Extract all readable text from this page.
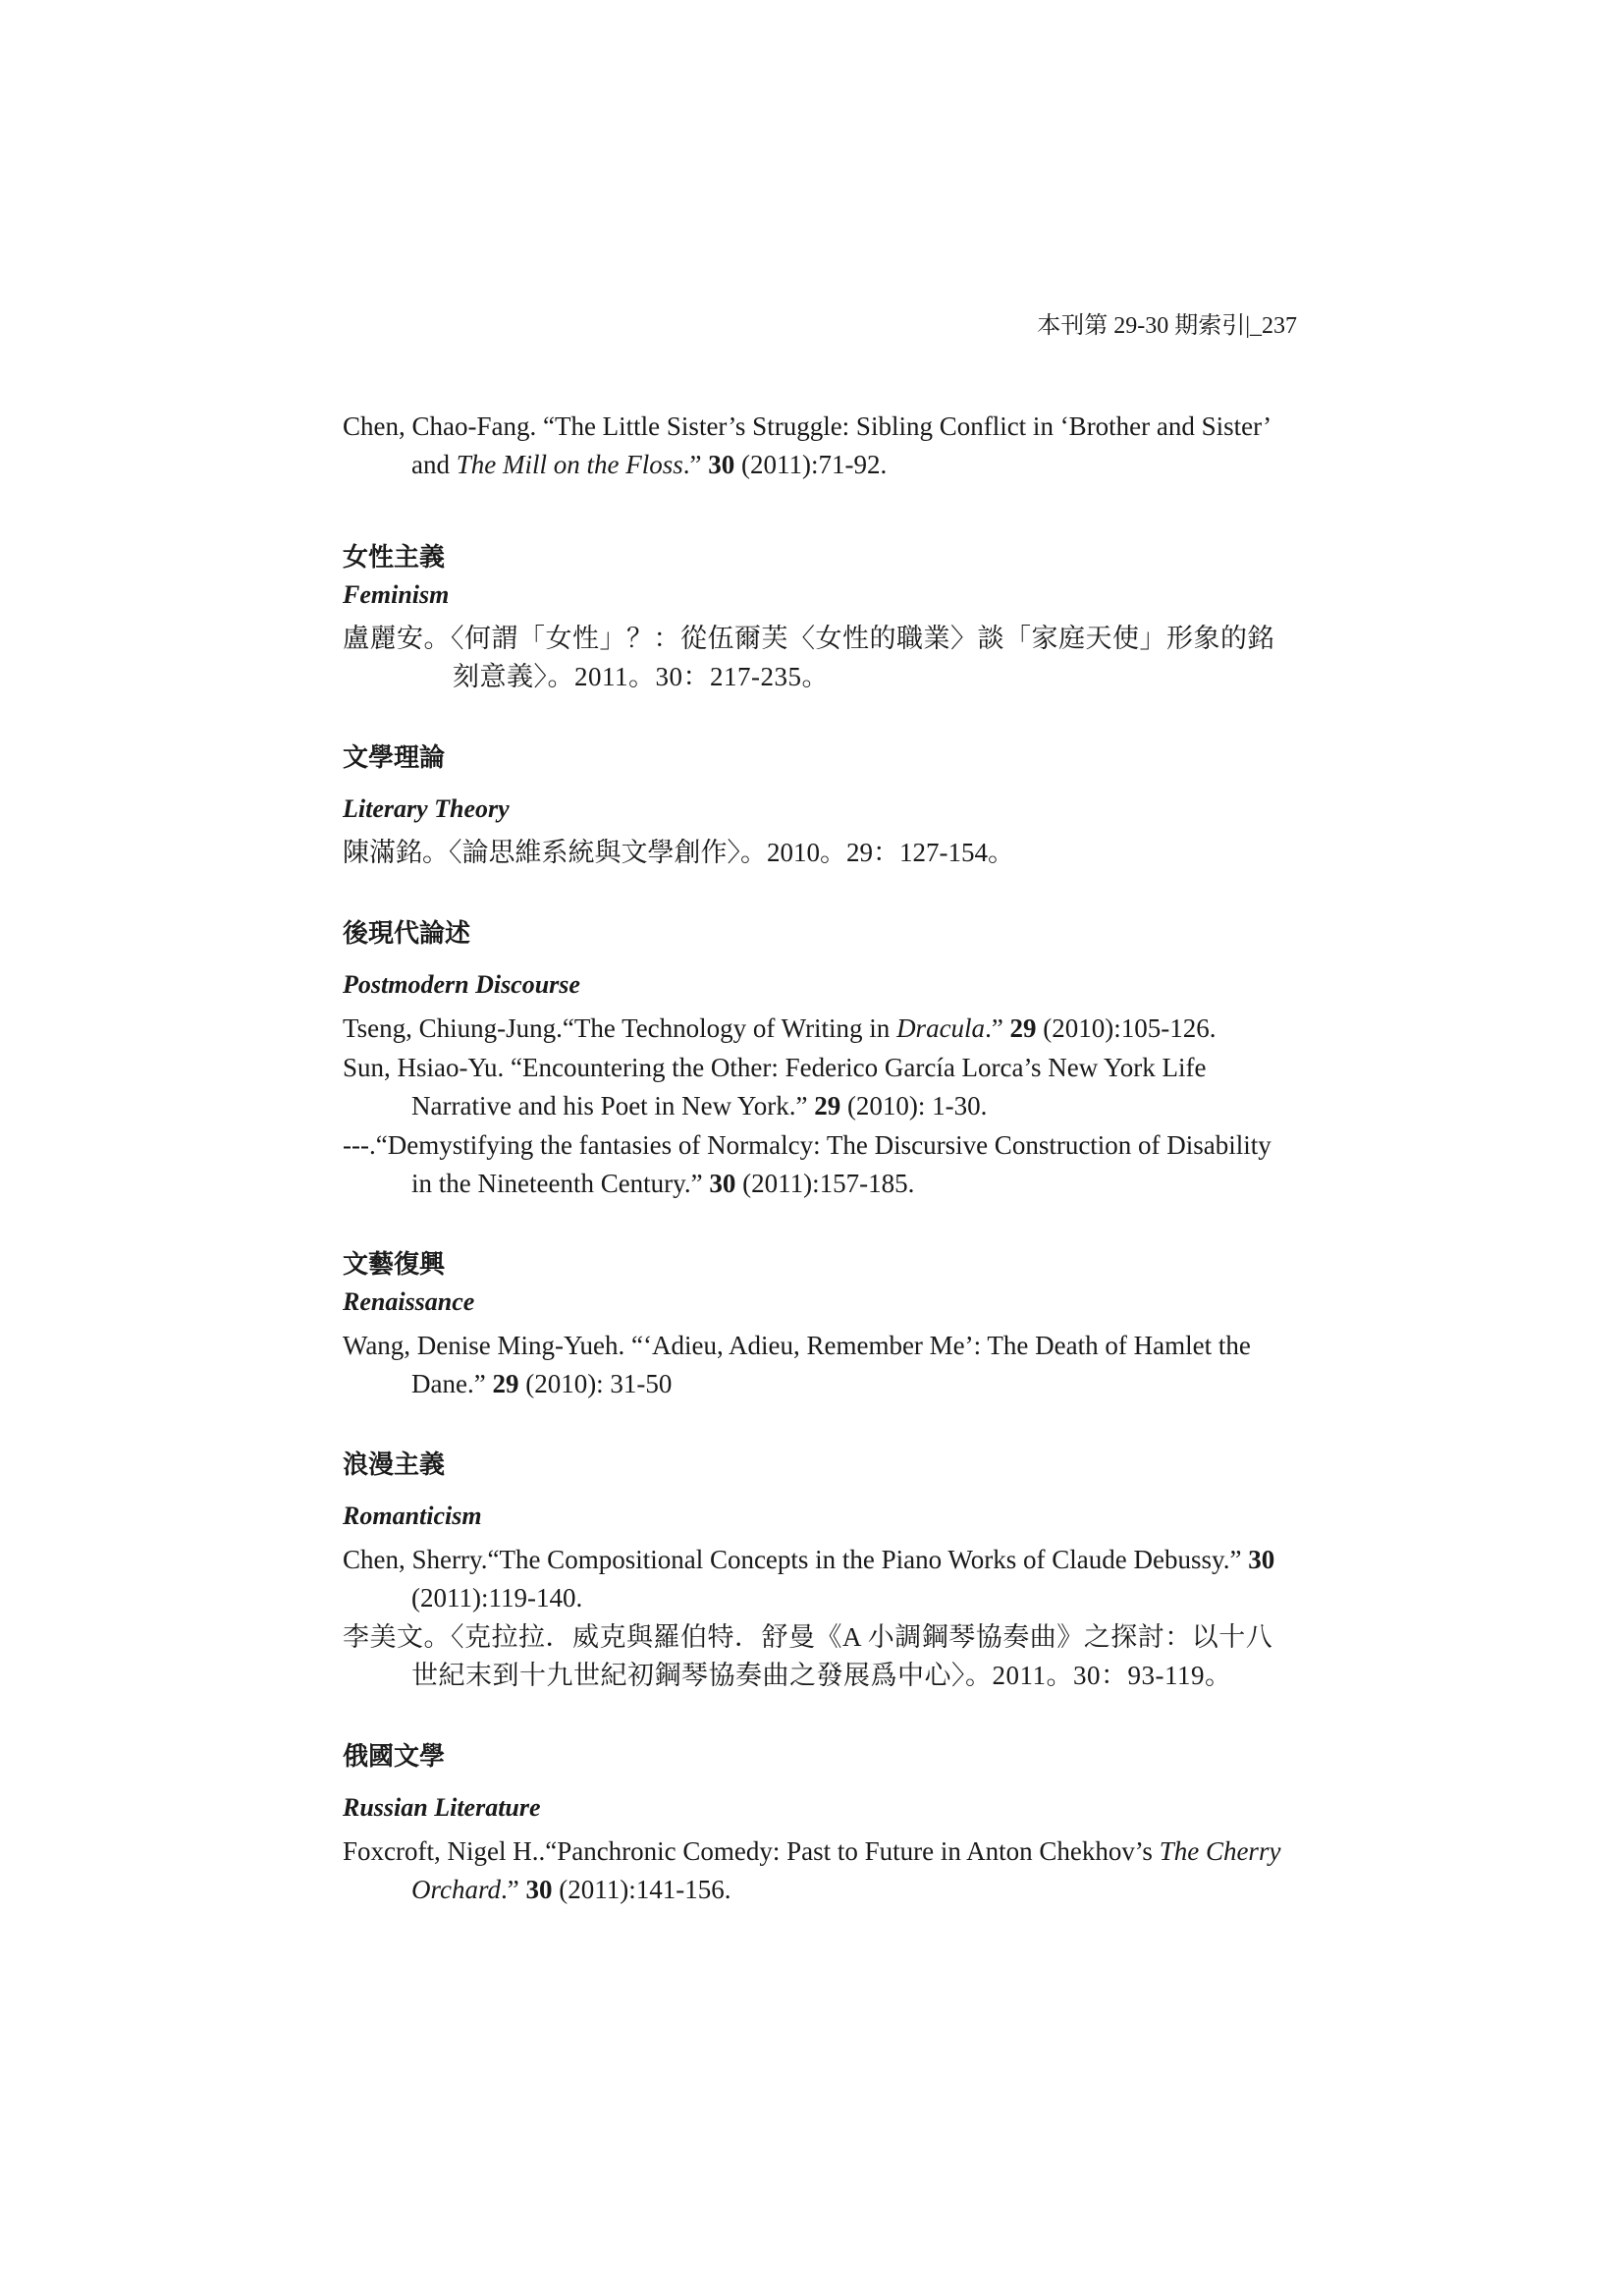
本刊第 29-30 期索引|_237

Chen, Chao-Fang. “The Little Sister’s Struggle: Sibling Conflict in ‘Brother and Sister’ and The Mill on the Floss.” 30 (2011):71-92.

女性主義
Feminism

盧麗安。〈何謂「女性」？：從伍爾芙〈女性的職業〉談「家庭天使」形象的銘刻意義〉。2011。30：217-235。

文學理論
Literary Theory

陳滿銘。〈論思維系統與文學創作〉。2010。29：127-154。

後現代論述
Postmodern Discourse

Tseng, Chiung-Jung.“The Technology of Writing in Dracula.” 29 (2010):105-126.

Sun, Hsiao-Yu. “Encountering the Other: Federico García Lorca’s New York Life Narrative and his Poet in New York.” 29 (2010): 1-30.

---.“Demystifying the fantasies of Normalcy: The Discursive Construction of Disability in the Nineteenth Century.” 30 (2011):157-185.

文藝復興
Renaissance

Wang, Denise Ming-Yueh. “‘Adieu, Adieu, Remember Me’: The Death of Hamlet the Dane.” 29 (2010): 31-50

浪漫主義
Romanticism

Chen, Sherry.“The Compositional Concepts in the Piano Works of Claude Debussy.” 30 (2011):119-140.

李美文。〈克拉拉．威克與羅伯特．舒曼《A 小調鋼琴協奏曲》之探討：以十八世紀末到十九世紀初鋼琴協奏曲之發展爲中心〉。2011。30：93-119。

俄國文學
Russian Literature

Foxcroft, Nigel H..“Panchronic Comedy: Past to Future in Anton Chekhov’s The Cherry Orchard.” 30 (2011):141-156.
